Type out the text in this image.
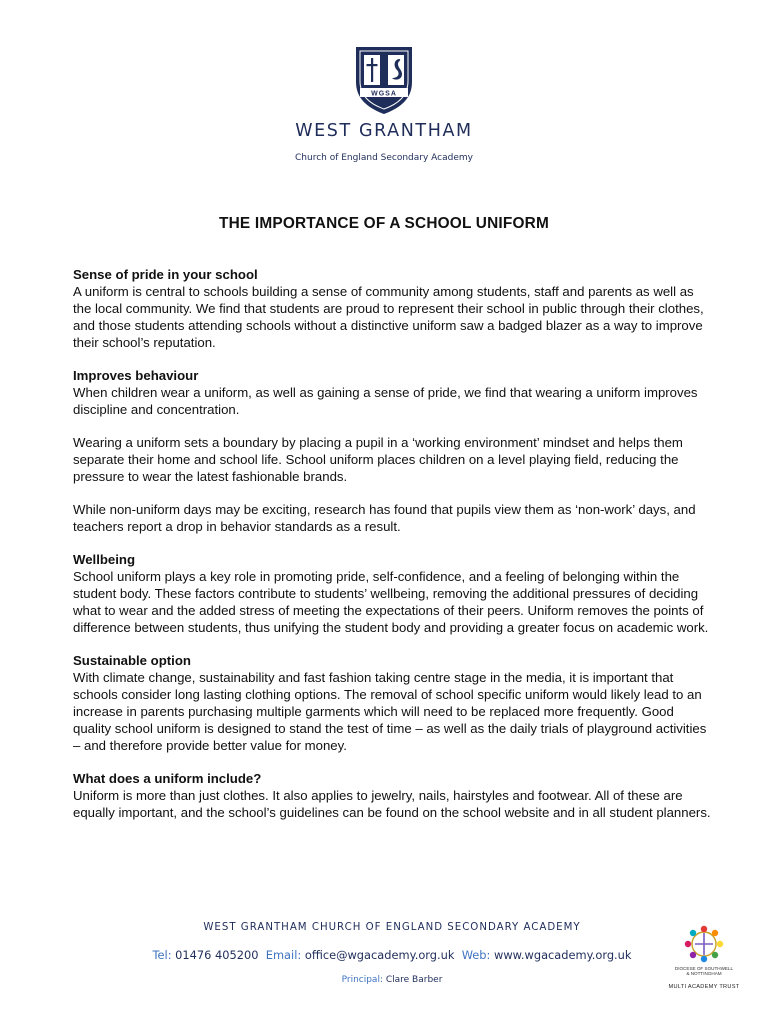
WGSA
WEST GRANTHAM
Church of England Secondary Academy
THE IMPORTANCE OF A SCHOOL UNIFORM
Sense of pride in your school
A uniform is central to schools building a sense of community among students, staff and parents as well as the local community. We find that students are proud to represent their school in public through their clothes, and those students attending schools without a distinctive uniform saw a badged blazer as a way to improve their school’s reputation.
Improves behaviour
When children wear a uniform, as well as gaining a sense of pride, we find that wearing a uniform improves discipline and concentration.
Wearing a uniform sets a boundary by placing a pupil in a ‘working environment’ mindset and helps them separate their home and school life. School uniform places children on a level playing field, reducing the pressure to wear the latest fashionable brands.
While non-uniform days may be exciting, research has found that pupils view them as ‘non-work’ days, and teachers report a drop in behavior standards as a result.
Wellbeing
School uniform plays a key role in promoting pride, self-confidence, and a feeling of belonging within the student body. These factors contribute to students’ wellbeing, removing the additional pressures of deciding what to wear and the added stress of meeting the expectations of their peers. Uniform removes the points of difference between students, thus unifying the student body and providing a greater focus on academic work.
Sustainable option
With climate change, sustainability and fast fashion taking centre stage in the media, it is important that schools consider long lasting clothing options. The removal of school specific uniform would likely lead to an increase in parents purchasing multiple garments which will need to be replaced more frequently. Good quality school uniform is designed to stand the test of time – as well as the daily trials of playground activities – and therefore provide better value for money.
What does a uniform include?
Uniform is more than just clothes. It also applies to jewelry, nails, hairstyles and footwear. All of these are equally important, and the school’s guidelines can be found on the school website and in all student planners.
WEST GRANTHAM CHURCH OF ENGLAND SECONDARY ACADEMY
Tel: 01476 405200 Email: office@wgacademy.org.uk Web: www.wgacademy.org.uk
Principal: Clare Barber
DIOCESE OF SOUTHWELL
& NOTTINGHAM
MULTI ACADEMY TRUST
